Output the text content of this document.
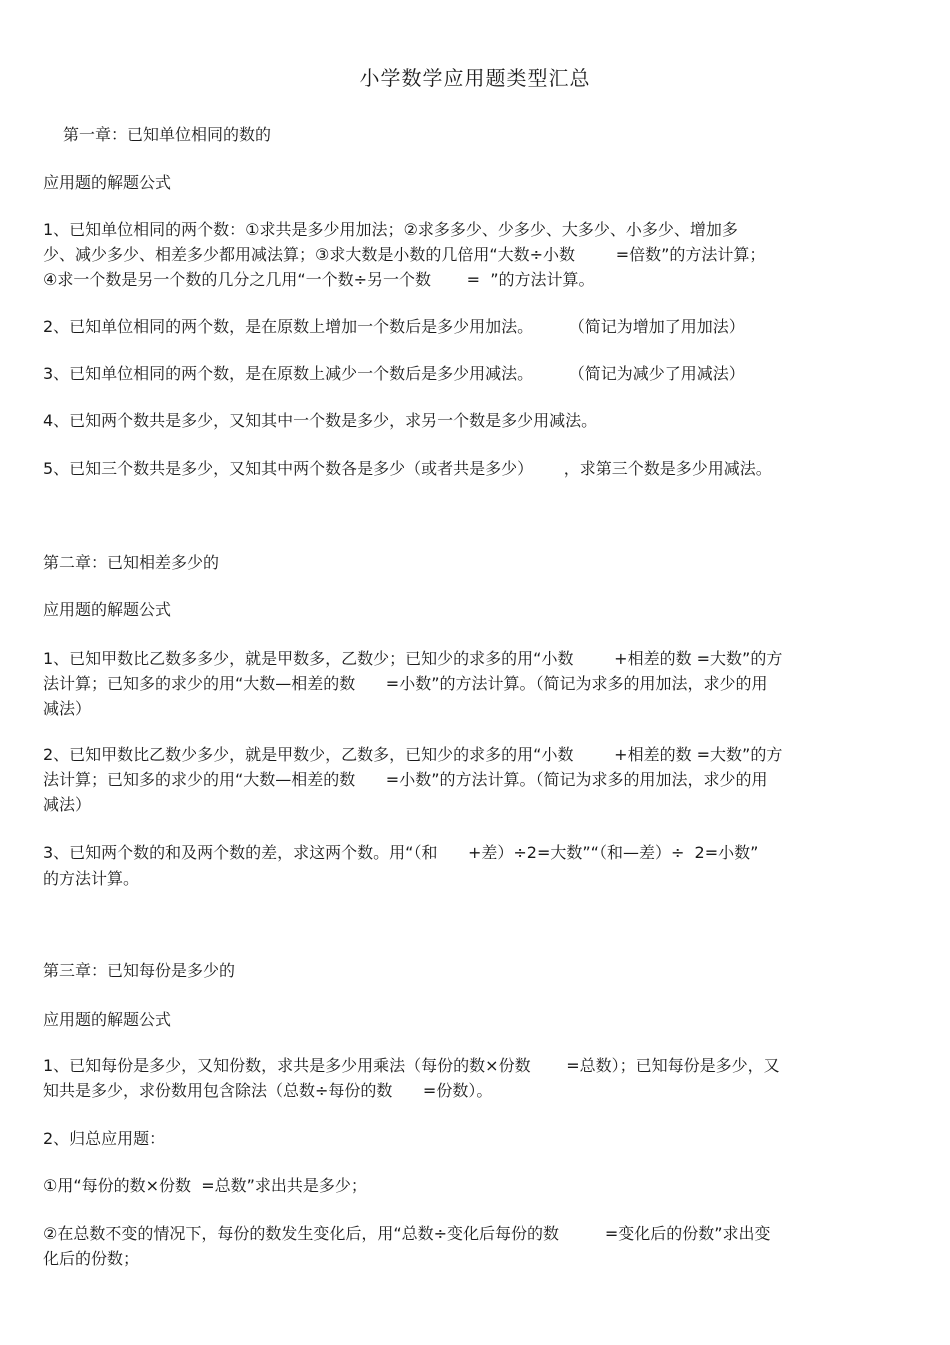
小学数学应用题类型汇总
第一章：已知单位相同的数的
应用题的解题公式
1、已知单位相同的两个数：①求共是多少用加法；②求多多少、少多少、大多少、小多少、增加多
少、减少多少、相差多少都用减法算；③求大数是小数的几倍用“大数÷小数        =倍数”的方法计算；
④求一个数是另一个数的几分之几用“一个数÷另一个数       =  ”的方法计算。
2、已知单位相同的两个数，是在原数上增加一个数后是多少用加法。       （简记为增加了用加法）
3、已知单位相同的两个数，是在原数上减少一个数后是多少用减法。       （简记为减少了用减法）
4、已知两个数共是多少，又知其中一个数是多少，求另一个数是多少用减法。
5、已知三个数共是多少，又知其中两个数各是多少（或者共是多少）      ，求第三个数是多少用减法。
第二章：已知相差多少的
应用题的解题公式
1、已知甲数比乙数多多少，就是甲数多，乙数少；已知少的求多的用“小数        +相差的数 =大数”的方
法计算；已知多的求少的用“大数—相差的数      =小数”的方法计算。（简记为求多的用加法，求少的用
减法）
2、已知甲数比乙数少多少，就是甲数少，乙数多，已知少的求多的用“小数        +相差的数 =大数”的方
法计算；已知多的求少的用“大数—相差的数      =小数”的方法计算。（简记为求多的用加法，求少的用
减法）
3、已知两个数的和及两个数的差，求这两个数。用“（和      +差）÷2=大数”“（和—差）÷  2=小数”
的方法计算。
第三章：已知每份是多少的
应用题的解题公式
1、已知每份是多少，又知份数，求共是多少用乘法（每份的数×份数       =总数）；已知每份是多少，又
知共是多少，求份数用包含除法（总数÷每份的数      =份数）。
2、归总应用题：
①用“每份的数×份数  =总数”求出共是多少；
②在总数不变的情况下，每份的数发生变化后，用“总数÷变化后每份的数         =变化后的份数”求出变
化后的份数；
